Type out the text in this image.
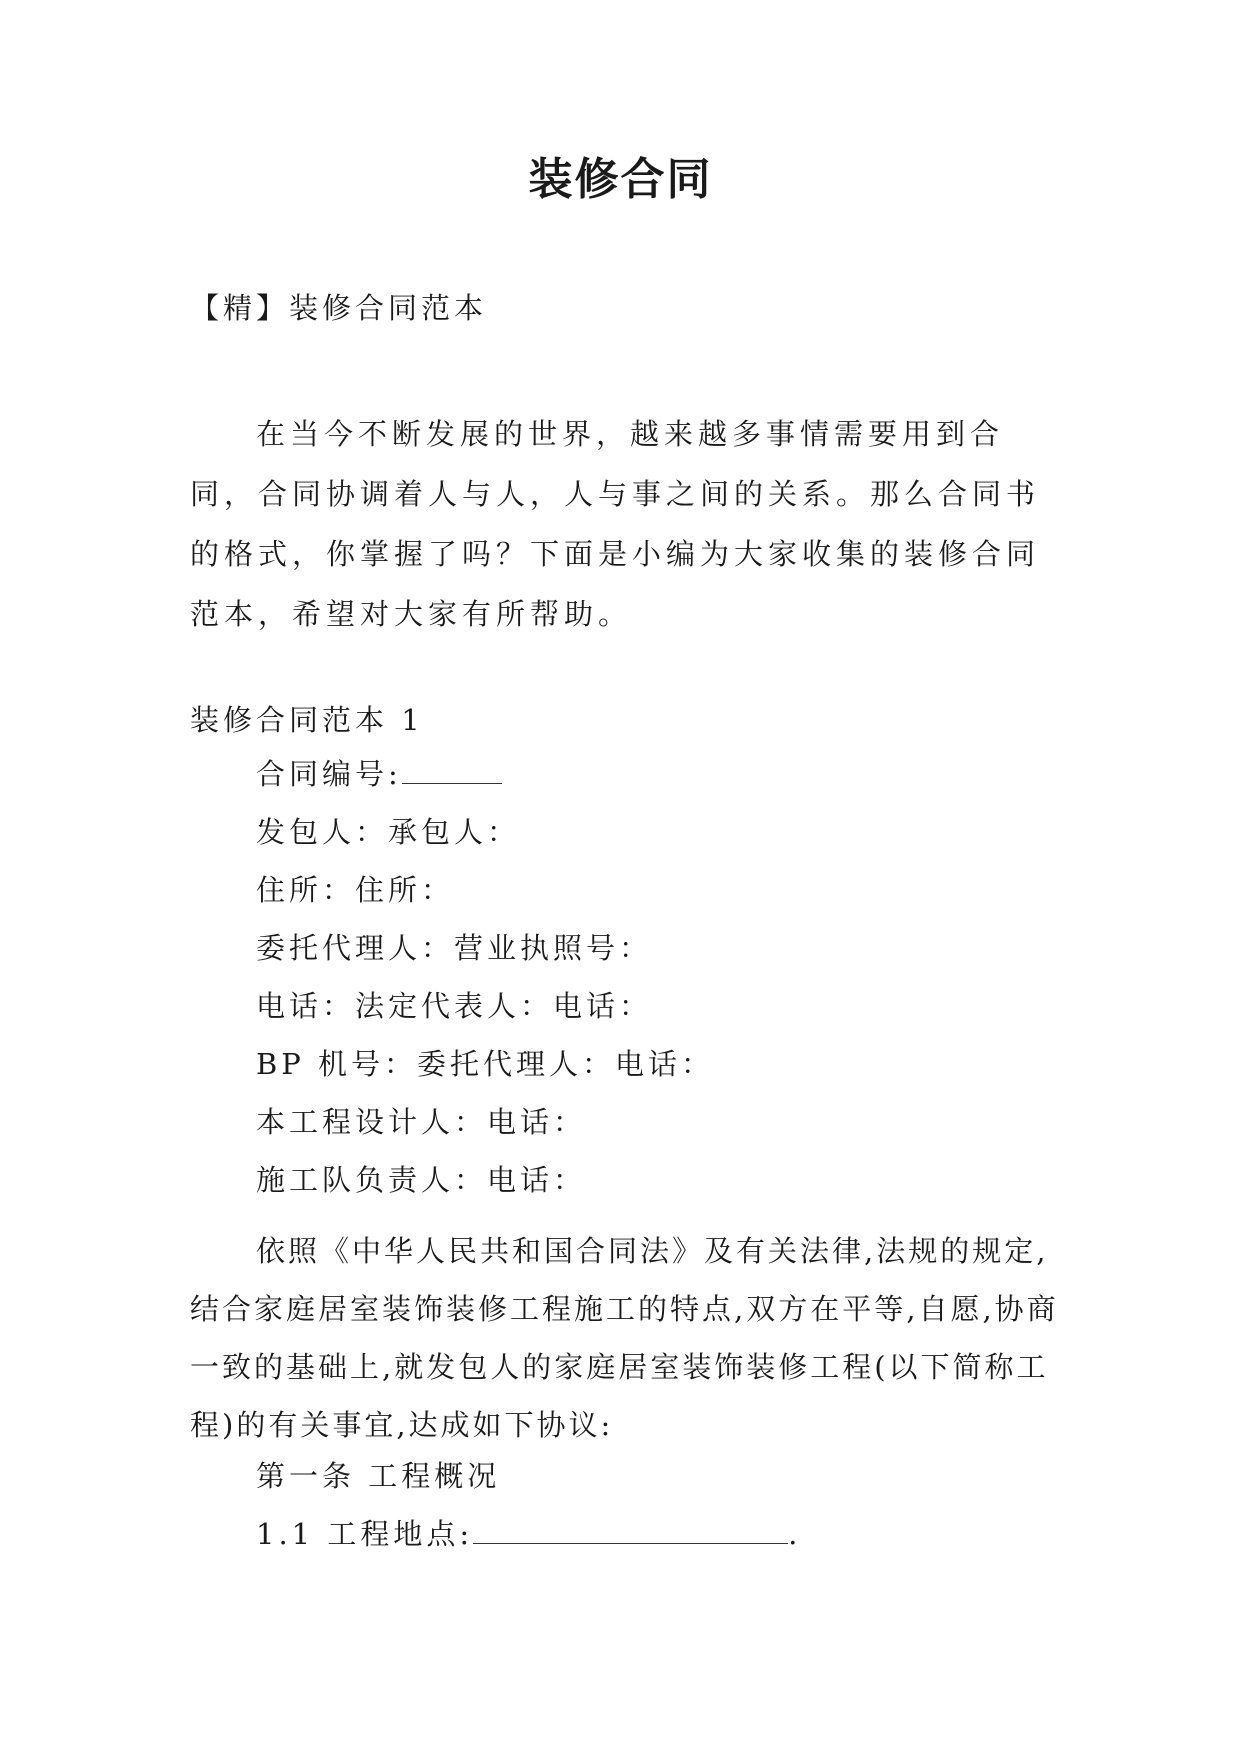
装修合同
【精】装修合同范本

在当今不断发展的世界，越来越多事情需要用到合同，合同协调着人与人，人与事之间的关系。那么合同书的格式，你掌握了吗？下面是小编为大家收集的装修合同范本，希望对大家有所帮助。

装修合同范本 1
合同编号:
发包人：承包人：
住所：住所：
委托代理人：营业执照号：
电话：法定代表人：电话：
BP 机号：委托代理人：电话：
本工程设计人：电话：
施工队负责人：电话：

依照《中华人民共和国合同法》及有关法律,法规的规定,结合家庭居室装饰装修工程施工的特点,双方在平等,自愿,协商一致的基础上,就发包人的家庭居室装饰装修工程(以下简称工程)的有关事宜,达成如下协议:

第一条 工程概况
1.1 工程地点:	.
